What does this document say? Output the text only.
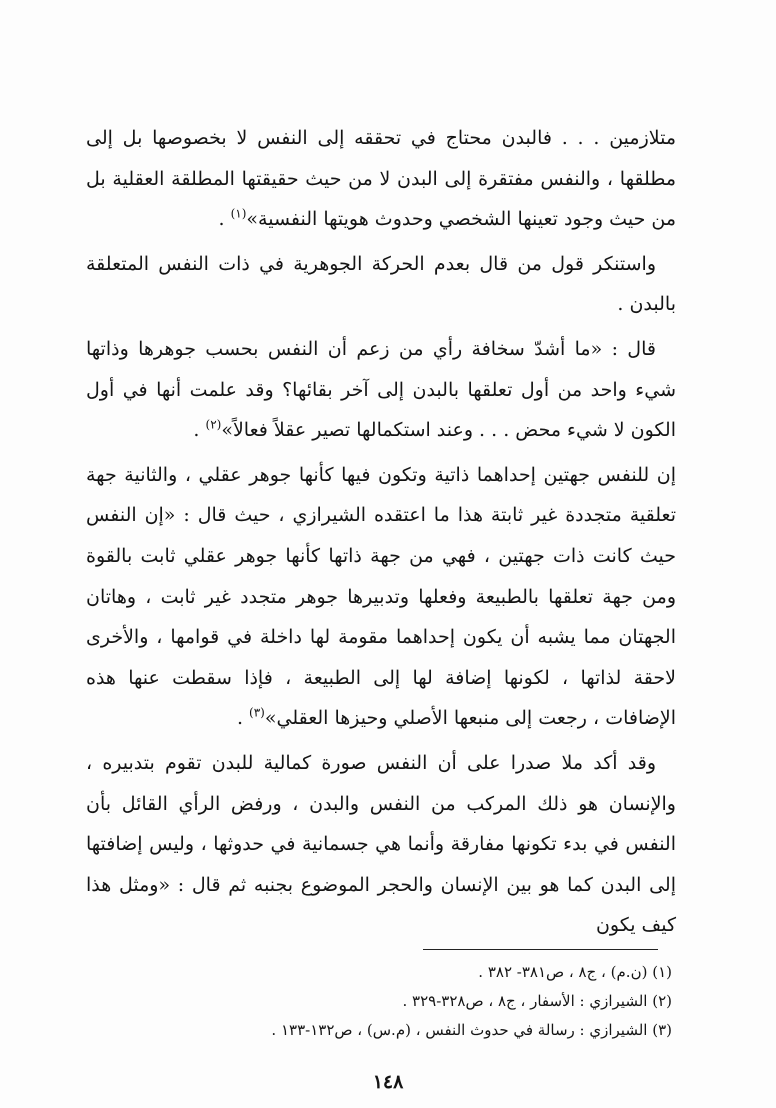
متلازمين . . . فالبدن محتاج في تحققه إلى النفس لا بخصوصها بل إلى مطلقها ، والنفس مفتقرة إلى البدن لا من حيث حقيقتها المطلقة العقلية بل من حيث وجود تعينها الشخصي وحدوث هويتها النفسية»$^{(١)}$ .

واستنكر قول من قال بعدم الحركة الجوهرية في ذات النفس المتعلقة بالبدن .

قال : «ما أشدّ سخافة رأي من زعم أن النفس بحسب جوهرها وذاتها شيء واحد من أول تعلقها بالبدن إلى آخر بقائها؟ وقد علمت أنها في أول الكون لا شيء محض . . . وعند استكمالها تصير عقلاً فعالاً»$^{(٢)}$ .

إن للنفس جهتين إحداهما ذاتية وتكون فيها كأنها جوهر عقلي ، والثانية جهة تعلقية متجددة غير ثابتة هذا ما اعتقده الشيرازي ، حيث قال : «إن النفس حيث كانت ذات جهتين ، فهي من جهة ذاتها كأنها جوهر عقلي ثابت بالقوة ومن جهة تعلقها بالطبيعة وفعلها وتدبيرها جوهر متجدد غير ثابت ، وهاتان الجهتان مما يشبه أن يكون إحداهما مقومة لها داخلة في قوامها ، والأخرى لاحقة لذاتها ، لكونها إضافة لها إلى الطبيعة ، فإذا سقطت عنها هذه الإضافات ، رجعت إلى منبعها الأصلي وحيزها العقلي»$^{(٣)}$ .

وقد أكد ملا صدرا على أن النفس صورة كمالية للبدن تقوم بتدبيره ، والإنسان هو ذلك المركب من النفس والبدن ، ورفض الرأي القائل بأن النفس في بدء تكونها مفارقة وأنما هي جسمانية في حدوثها ، وليس إضافتها إلى البدن كما هو بين الإنسان والحجر الموضوع بجنبه ثم قال : «ومثل هذا كيف يكون

(١) (ن.م) ، ج٨ ، ص٣٨١- ٣٨٢ .
(٢) الشيرازي : الأسفار ، ج٨ ، ص٣٢٨-٣٢٩ .
(٣) الشيرازي : رسالة في حدوث النفس ، (م.س) ، ص١٣٢-١٣٣ .
١٤٨
